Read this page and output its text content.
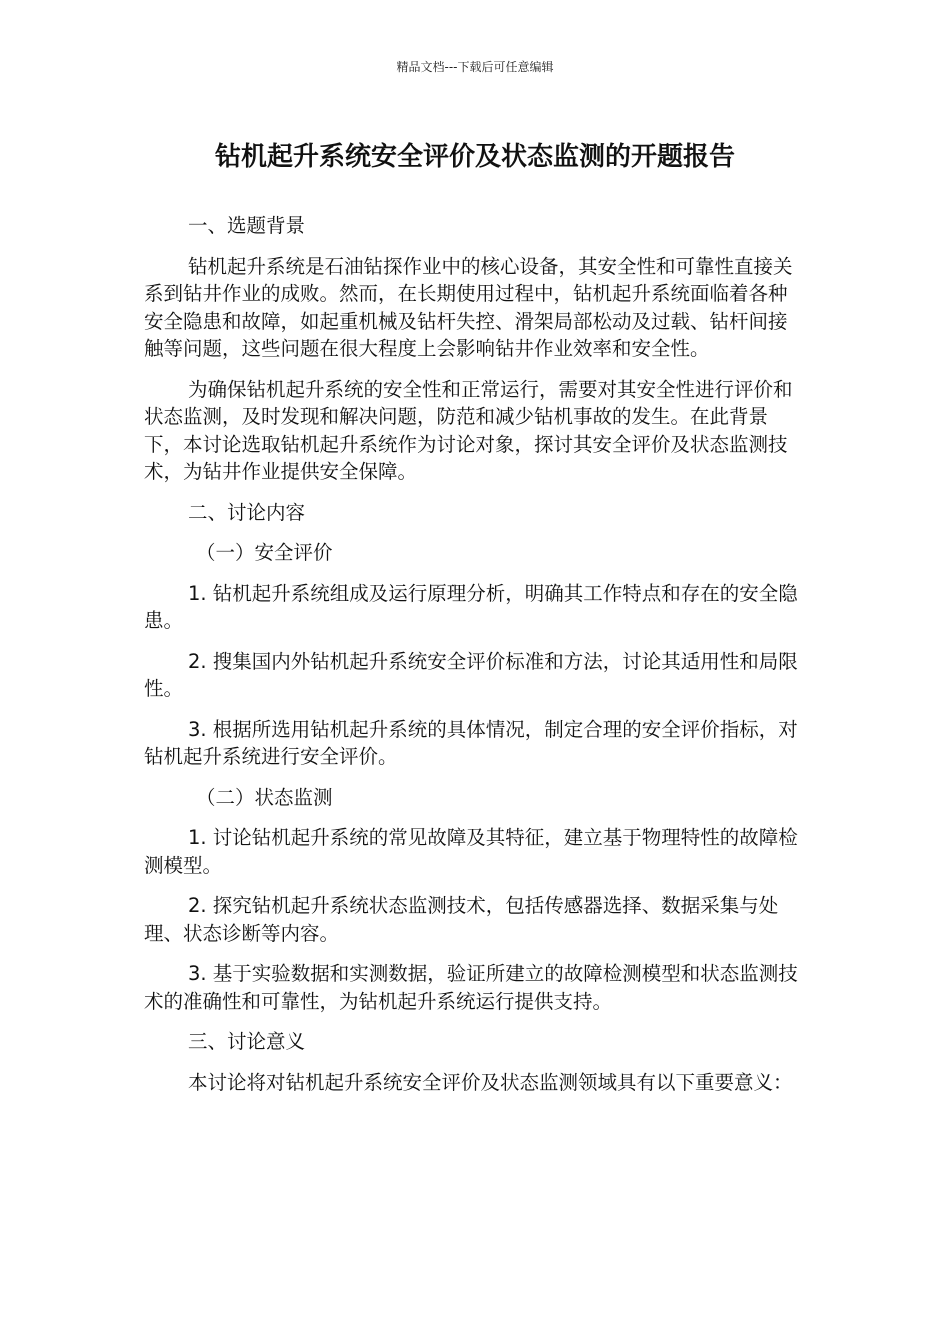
精品文档---下载后可任意编辑
钻机起升系统安全评价及状态监测的开题报告

一、选题背景

钻机起升系统是石油钻探作业中的核心设备，其安全性和可靠性直接关系到钻井作业的成败。然而，在长期使用过程中，钻机起升系统面临着各种安全隐患和故障，如起重机械及钻杆失控、滑架局部松动及过载、钻杆间接触等问题，这些问题在很大程度上会影响钻井作业效率和安全性。

为确保钻机起升系统的安全性和正常运行，需要对其安全性进行评价和状态监测，及时发现和解决问题，防范和减少钻机事故的发生。在此背景下，本讨论选取钻机起升系统作为讨论对象，探讨其安全评价及状态监测技术，为钻井作业提供安全保障。

二、讨论内容

（一）安全评价

1. 钻机起升系统组成及运行原理分析，明确其工作特点和存在的安全隐患。

2. 搜集国内外钻机起升系统安全评价标准和方法，讨论其适用性和局限性。

3. 根据所选用钻机起升系统的具体情况，制定合理的安全评价指标，对钻机起升系统进行安全评价。

（二）状态监测

1. 讨论钻机起升系统的常见故障及其特征，建立基于物理特性的故障检测模型。

2. 探究钻机起升系统状态监测技术，包括传感器选择、数据采集与处理、状态诊断等内容。

3. 基于实验数据和实测数据，验证所建立的故障检测模型和状态监测技术的准确性和可靠性，为钻机起升系统运行提供支持。

三、讨论意义

本讨论将对钻机起升系统安全评价及状态监测领域具有以下重要意义：
